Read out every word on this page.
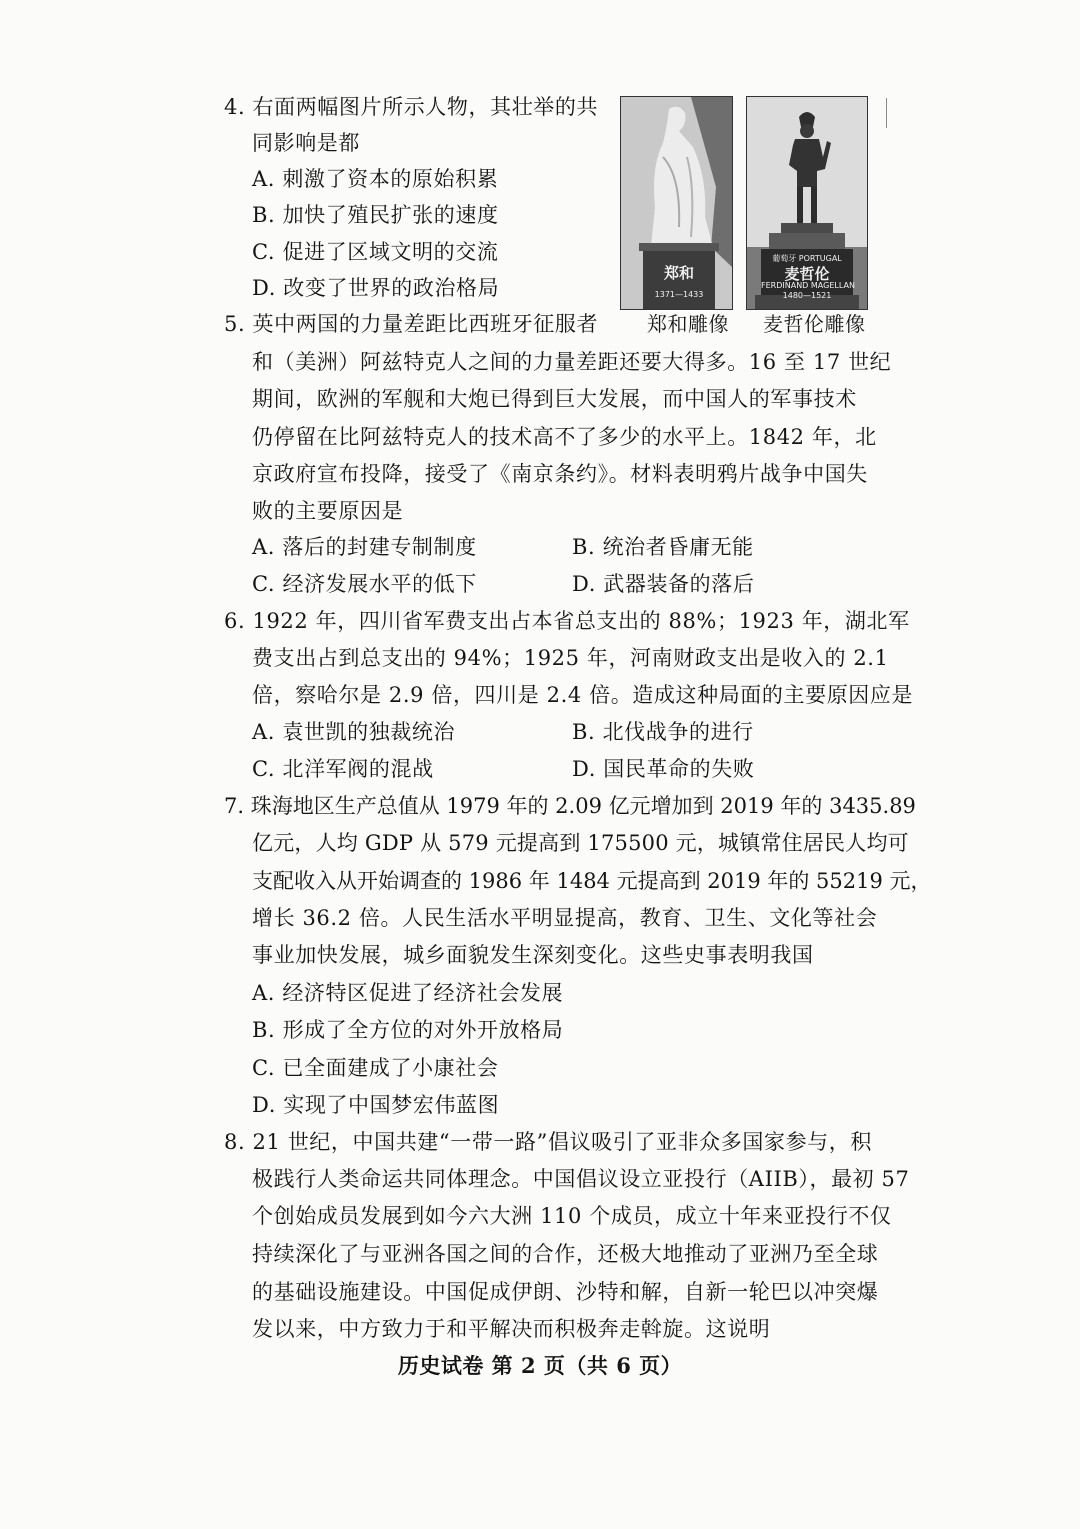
4. 右面两幅图片所示人物，其壮举的共
同影响是都
A. 刺激了资本的原始积累
B. 加快了殖民扩张的速度
C. 促进了区域文明的交流
D. 改变了世界的政治格局
郑和
1371—1433
葡萄牙 PORTUGAL
麦哲伦
FERDINAND MAGELLAN
1480—1521
郑和雕像 麦哲伦雕像
5. 英中两国的力量差距比西班牙征服者
和（美洲）阿兹特克人之间的力量差距还要大得多。16 至 17 世纪
期间，欧洲的军舰和大炮已得到巨大发展，而中国人的军事技术
仍停留在比阿兹特克人的技术高不了多少的水平上。1842 年，北
京政府宣布投降，接受了《南京条约》。材料表明鸦片战争中国失
败的主要原因是
A. 落后的封建专制制度	B. 统治者昏庸无能
C. 经济发展水平的低下	D. 武器装备的落后
6. 1922 年，四川省军费支出占本省总支出的 88%；1923 年，湖北军
费支出占到总支出的 94%；1925 年，河南财政支出是收入的 2.1
倍，察哈尔是 2.9 倍，四川是 2.4 倍。造成这种局面的主要原因应是
A. 袁世凯的独裁统治	B. 北伐战争的进行
C. 北洋军阀的混战	D. 国民革命的失败
7. 珠海地区生产总值从 1979 年的 2.09 亿元增加到 2019 年的 3435.89
亿元，人均 GDP 从 579 元提高到 175500 元，城镇常住居民人均可
支配收入从开始调查的 1986 年 1484 元提高到 2019 年的 55219 元，
增长 36.2 倍。人民生活水平明显提高，教育、卫生、文化等社会
事业加快发展，城乡面貌发生深刻变化。这些史事表明我国
A. 经济特区促进了经济社会发展
B. 形成了全方位的对外开放格局
C. 已全面建成了小康社会
D. 实现了中国梦宏伟蓝图
8. 21 世纪，中国共建“一带一路”倡议吸引了亚非众多国家参与，积
极践行人类命运共同体理念。中国倡议设立亚投行（AIIB），最初 57
个创始成员发展到如今六大洲 110 个成员，成立十年来亚投行不仅
持续深化了与亚洲各国之间的合作，还极大地推动了亚洲乃至全球
的基础设施建设。中国促成伊朗、沙特和解，自新一轮巴以冲突爆
发以来，中方致力于和平解决而积极奔走斡旋。这说明
历史试卷 第 2 页（共 6 页）
